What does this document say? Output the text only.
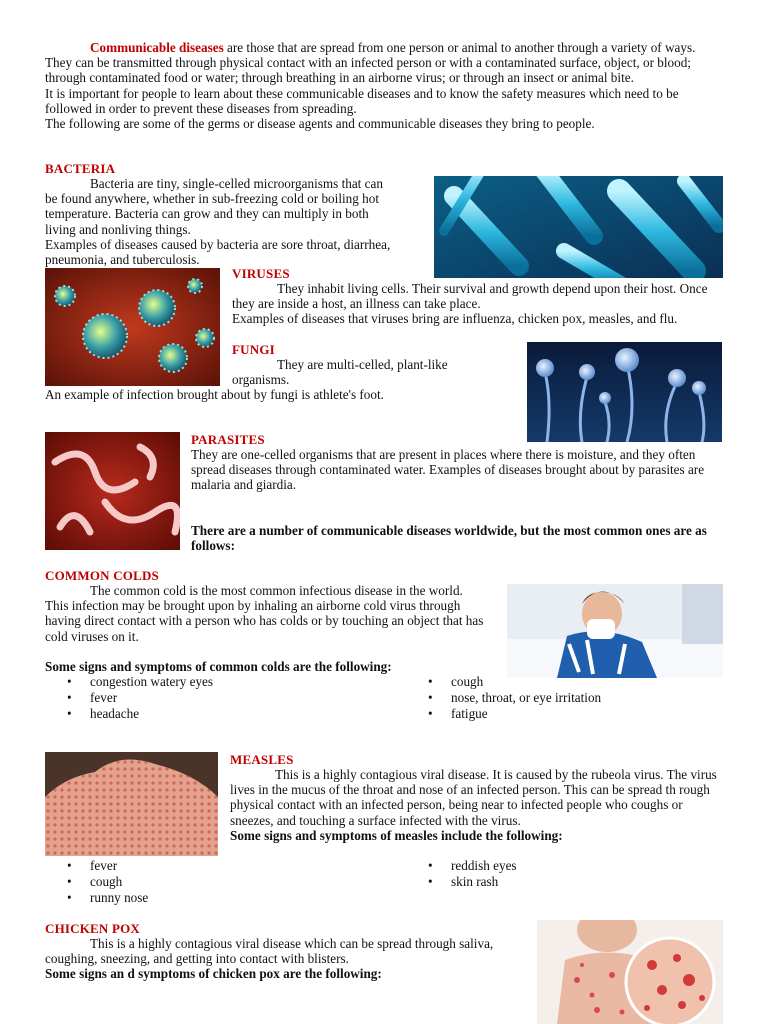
Communicable diseases are those that are spread from one person or animal to another through a variety of ways. They can be transmitted through physical contact with an infected person or with a contaminated surface, object, or blood; through contaminated food or water; through breathing in an airborne virus; or through an insect or animal bite.

It is important for people to learn about these communicable diseases and to know the safety measures which need to be followed in order to prevent these diseases from spreading.

The following are some of the germs or disease agents and communicable diseases they bring to people.

BACTERIA

Bacteria are tiny, single-celled microorganisms that can be found anywhere, whether in sub-freezing cold or boiling hot temperature. Bacteria can grow and they can multiply in both living and nonliving things.

Examples of diseases caused by bacteria are sore throat, diarrhea, pneumonia, and tuberculosis.

VIRUSES

They inhabit living cells. Their survival and growth depend upon their host. Once they are inside a host, an illness can take place.

Examples of diseases that viruses bring are influenza, chicken pox, measles, and flu.

FUNGI

They are multi-celled, plant-like organisms.

An example of infection brought about by fungi is athlete's foot.
PARASITES
They are one-celled organisms that are present in places where there is moisture, and they often spread diseases through contaminated water. Examples of diseases brought about by parasites are malaria and giardia.
There are a number of communicable diseases worldwide, but the most common ones are as follows:
COMMON COLDS

The common cold is the most common infectious disease in the world. This infection may be brought upon by inhaling an airborne cold virus through having direct contact with a person who has colds or by touching an object that has cold viruses on it.

Some signs and symptoms of common colds are the following:
• congestion watery eyes
• fever
• headache
• cough
• nose, throat, or eye irritation
• fatigue
MEASLES

This is a highly contagious viral disease. It is caused by the rubeola virus. The virus lives in the mucus of the throat and nose of an infected person. This can be spread th rough physical contact with an infected person, being near to infected people who coughs or sneezes, and touching a surface infected with the virus.

Some signs and symptoms of measles include the following:

• fever
• cough
• runny nose
• reddish eyes
• skin rash
CHICKEN POX

This is a highly contagious viral disease which can be spread through saliva, coughing, sneezing, and getting into contact with blisters.

Some signs an d symptoms of chicken pox are the following:
